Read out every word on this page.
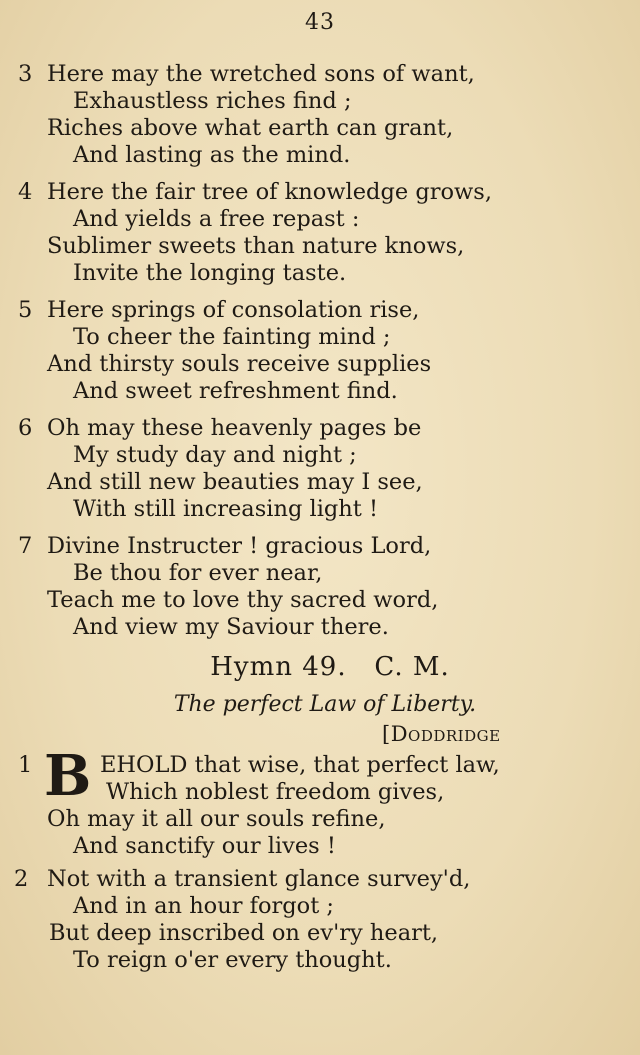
43
3 Here may the wretched sons of want,
Exhaustless riches find ;
Riches above what earth can grant,
And lasting as the mind.
4 Here the fair tree of knowledge grows,
And yields a free repast :
Sublimer sweets than nature knows,
Invite the longing taste.
5 Here springs of consolation rise,
To cheer the fainting mind ;
And thirsty souls receive supplies
And sweet refreshment find.
6 Oh may these heavenly pages be
My study day and night ;
And still new beauties may I see,
With still increasing light !
7 Divine Instructer ! gracious Lord,
Be thou for ever near,
Teach me to love thy sacred word,
And view my Saviour there.
Hymn 49.   C. M.
The perfect Law of Liberty.
[Doddridge
1 B EHOLD that wise, that perfect law,
Which noblest freedom gives,
Oh may it all our souls refine,
And sanctify our lives !
2 Not with a transient glance survey'd,
And in an hour forgot ;
But deep inscribed on ev'ry heart,
To reign o'er every thought.
